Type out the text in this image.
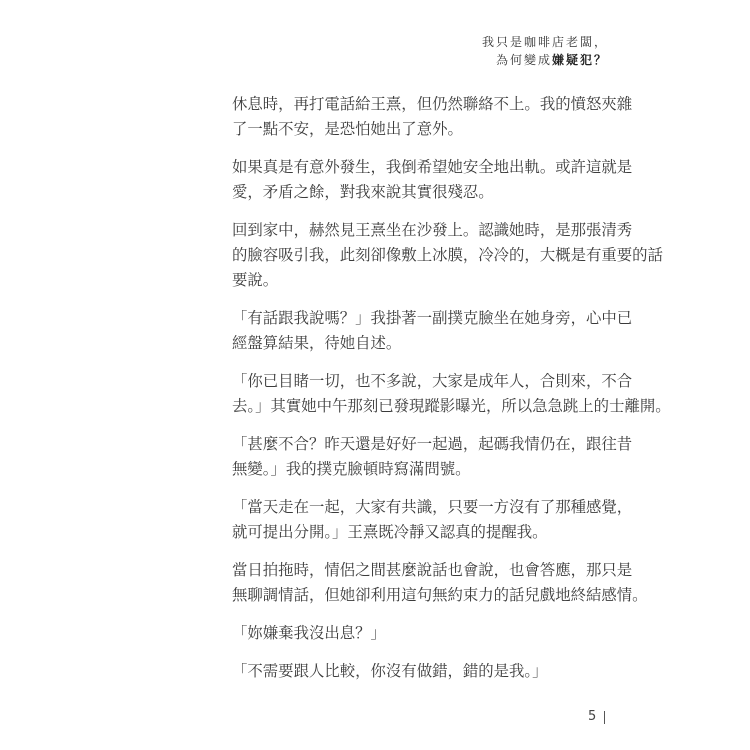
我只是咖啡店老闆，
為何變成嫌疑犯？

休息時，再打電話給王熹，但仍然聯絡不上。我的憤怒夾雜
了一點不安，是恐怕她出了意外。

如果真是有意外發生，我倒希望她安全地出軌。或許這就是
愛，矛盾之餘，對我來說其實很殘忍。

回到家中，赫然見王熹坐在沙發上。認識她時，是那張清秀
的臉容吸引我，此刻卻像敷上冰膜，冷冷的，大概是有重要的話
要說。

「有話跟我說嗎？」我掛著一副撲克臉坐在她身旁，心中已
經盤算結果，待她自述。

「你已目睹一切，也不多說，大家是成年人，合則來，不合
去。」其實她中午那刻已發現蹤影曝光，所以急急跳上的士離開。

「甚麼不合？昨天還是好好一起過，起碼我情仍在，跟往昔
無變。」我的撲克臉頓時寫滿問號。

「當天走在一起，大家有共識，只要一方沒有了那種感覺，
就可提出分開。」王熹既冷靜又認真的提醒我。

當日拍拖時，情侶之間甚麼說話也會說，也會答應，那只是
無聊調情話，但她卻利用這句無約束力的話兒戲地終結感情。

「妳嫌棄我沒出息？」

「不需要跟人比較，你沒有做錯，錯的是我。」

5
